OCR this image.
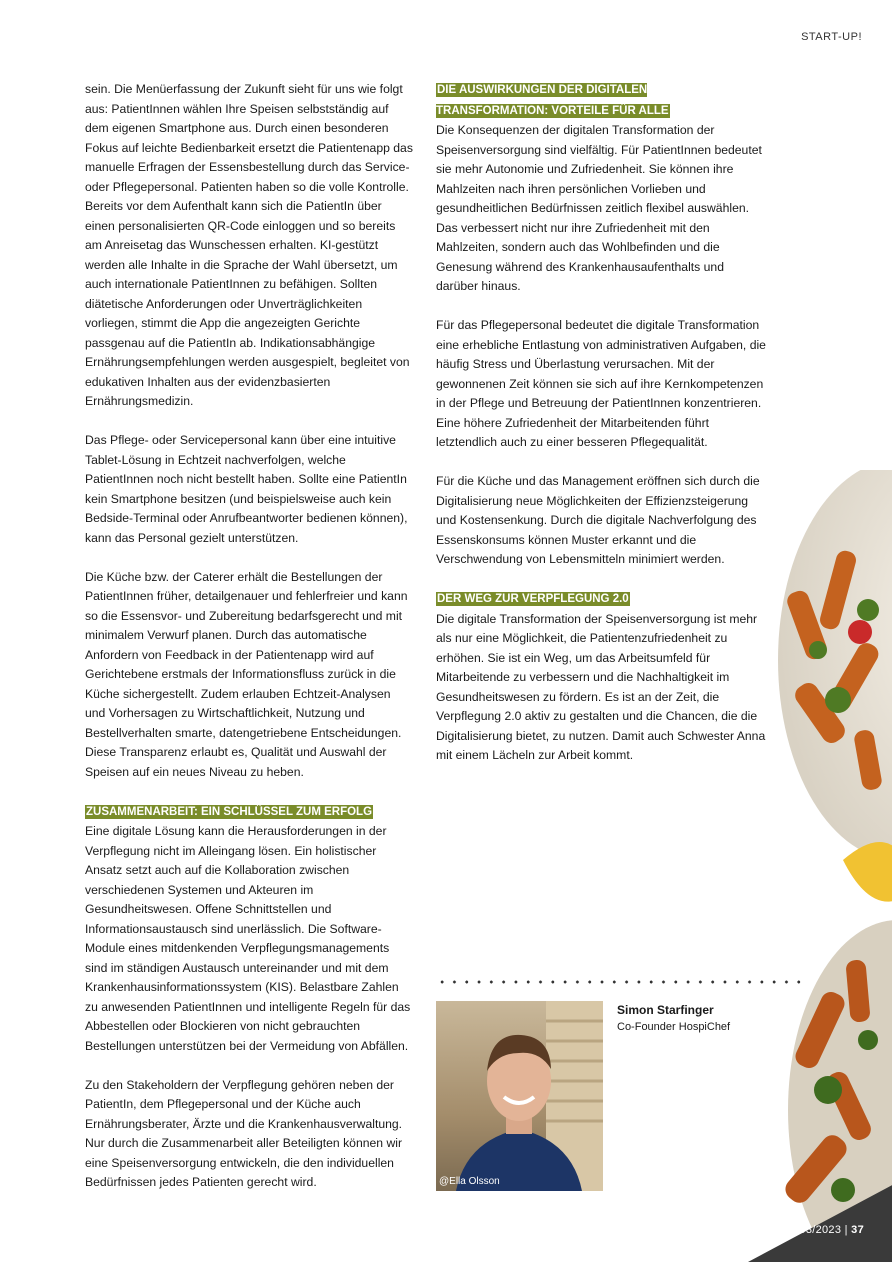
START-UP!

sein. Die Menüerfassung der Zukunft sieht für uns wie folgt aus: PatientInnen wählen Ihre Speisen selbstständig auf dem eigenen Smartphone aus. Durch einen besonderen Fokus auf leichte Bedienbarkeit ersetzt die Patientenapp das manuelle Erfragen der Essensbestellung durch das Service- oder Pflegepersonal. Patienten haben so die volle Kontrolle. Bereits vor dem Aufenthalt kann sich die PatientIn über einen personalisierten QR-Code einloggen und so bereits am Anreisetag das Wunschessen erhalten. KI-gestützt werden alle Inhalte in die Sprache der Wahl übersetzt, um auch internationale PatientInnen zu befähigen. Sollten diätetische Anforderungen oder Unverträglichkeiten vorliegen, stimmt die App die angezeigten Gerichte passgenau auf die PatientIn ab. Indikationsabhängige Ernährungsempfehlungen werden ausgespielt, begleitet von edukativen Inhalten aus der evidenzbasierten Ernährungsmedizin.

Das Pflege- oder Servicepersonal kann über eine intuitive Tablet-Lösung in Echtzeit nachverfolgen, welche PatientInnen noch nicht bestellt haben. Sollte eine PatientIn kein Smartphone besitzen (und beispielsweise auch kein Bedside-Terminal oder Anrufbeantworter bedienen können), kann das Personal gezielt unterstützen.

Die Küche bzw. der Caterer erhält die Bestellungen der PatientInnen früher, detailgenauer und fehlerfreier und kann so die Essensvor- und Zubereitung bedarfsgerecht und mit minimalem Verwurf planen. Durch das automatische Anfordern von Feedback in der Patientenapp wird auf Gerichtebene erstmals der Informationsfluss zurück in die Küche sichergestellt. Zudem erlauben Echtzeit-Analysen und Vorhersagen zu Wirtschaftlichkeit, Nutzung und Bestellverhalten smarte, datengetriebene Entscheidungen. Diese Transparenz erlaubt es, Qualität und Auswahl der Speisen auf ein neues Niveau zu heben.

ZUSAMMENARBEIT: EIN SCHLÜSSEL ZUM ERFOLG

Eine digitale Lösung kann die Herausforderungen in der Verpflegung nicht im Alleingang lösen. Ein holistischer Ansatz setzt auch auf die Kollaboration zwischen verschiedenen Systemen und Akteuren im Gesundheitswesen. Offene Schnittstellen und Informationsaustausch sind unerlässlich. Die Software-Module eines mitdenkenden Verpflegungsmanagements sind im ständigen Austausch untereinander und mit dem Krankenhausinformationssystem (KIS). Belastbare Zahlen zu anwesenden PatientInnen und intelligente Regeln für das Abbestellen oder Blockieren von nicht gebrauchten Bestellungen unterstützen bei der Vermeidung von Abfällen.

Zu den Stakeholdern der Verpflegung gehören neben der PatientIn, dem Pflegepersonal und der Küche auch Ernährungsberater, Ärzte und die Krankenhausverwaltung. Nur durch die Zusammenarbeit aller Beteiligten können wir eine Speisenversorgung entwickeln, die den individuellen Bedürfnissen jedes Patienten gerecht wird.

DIE AUSWIRKUNGEN DER DIGITALEN TRANSFORMATION: VORTEILE FÜR ALLE

Die Konsequenzen der digitalen Transformation der Speisenversorgung sind vielfältig. Für PatientInnen bedeutet sie mehr Autonomie und Zufriedenheit. Sie können ihre Mahlzeiten nach ihren persönlichen Vorlieben und gesundheitlichen Bedürfnissen zeitlich flexibel auswählen. Das verbessert nicht nur ihre Zufriedenheit mit den Mahlzeiten, sondern auch das Wohlbefinden und die Genesung während des Krankenhausaufenthalts und darüber hinaus.

Für das Pflegepersonal bedeutet die digitale Transformation eine erhebliche Entlastung von administrativen Aufgaben, die häufig Stress und Überlastung verursachen. Mit der gewonnenen Zeit können sie sich auf ihre Kernkompetenzen in der Pflege und Betreuung der PatientInnen konzentrieren. Eine höhere Zufriedenheit der Mitarbeitenden führt letztendlich auch zu einer besseren Pflegequalität.

Für die Küche und das Management eröffnen sich durch die Digitalisierung neue Möglichkeiten der Effizienzsteigerung und Kostensenkung. Durch die digitale Nachverfolgung des Essenskonsums können Muster erkannt und die Verschwendung von Lebensmitteln minimiert werden.

DER WEG ZUR VERPFLEGUNG 2.0

Die digitale Transformation der Speisenversorgung ist mehr als nur eine Möglichkeit, die Patientenzufriedenheit zu erhöhen. Sie ist ein Weg, um das Arbeitsumfeld für Mitarbeitende zu verbessern und die Nachhaltigkeit im Gesundheitswesen zu fördern. Es ist an der Zeit, die Verpflegung 2.0 aktiv zu gestalten und die Chancen, die die Digitalisierung bietet, zu nutzen. Damit auch Schwester Anna mit einem Lächeln zur Arbeit kommt.

@Ella Olsson
Simon Starfinger
Co-Founder HospiChef
WIRKSAM 03/2023 | 37
